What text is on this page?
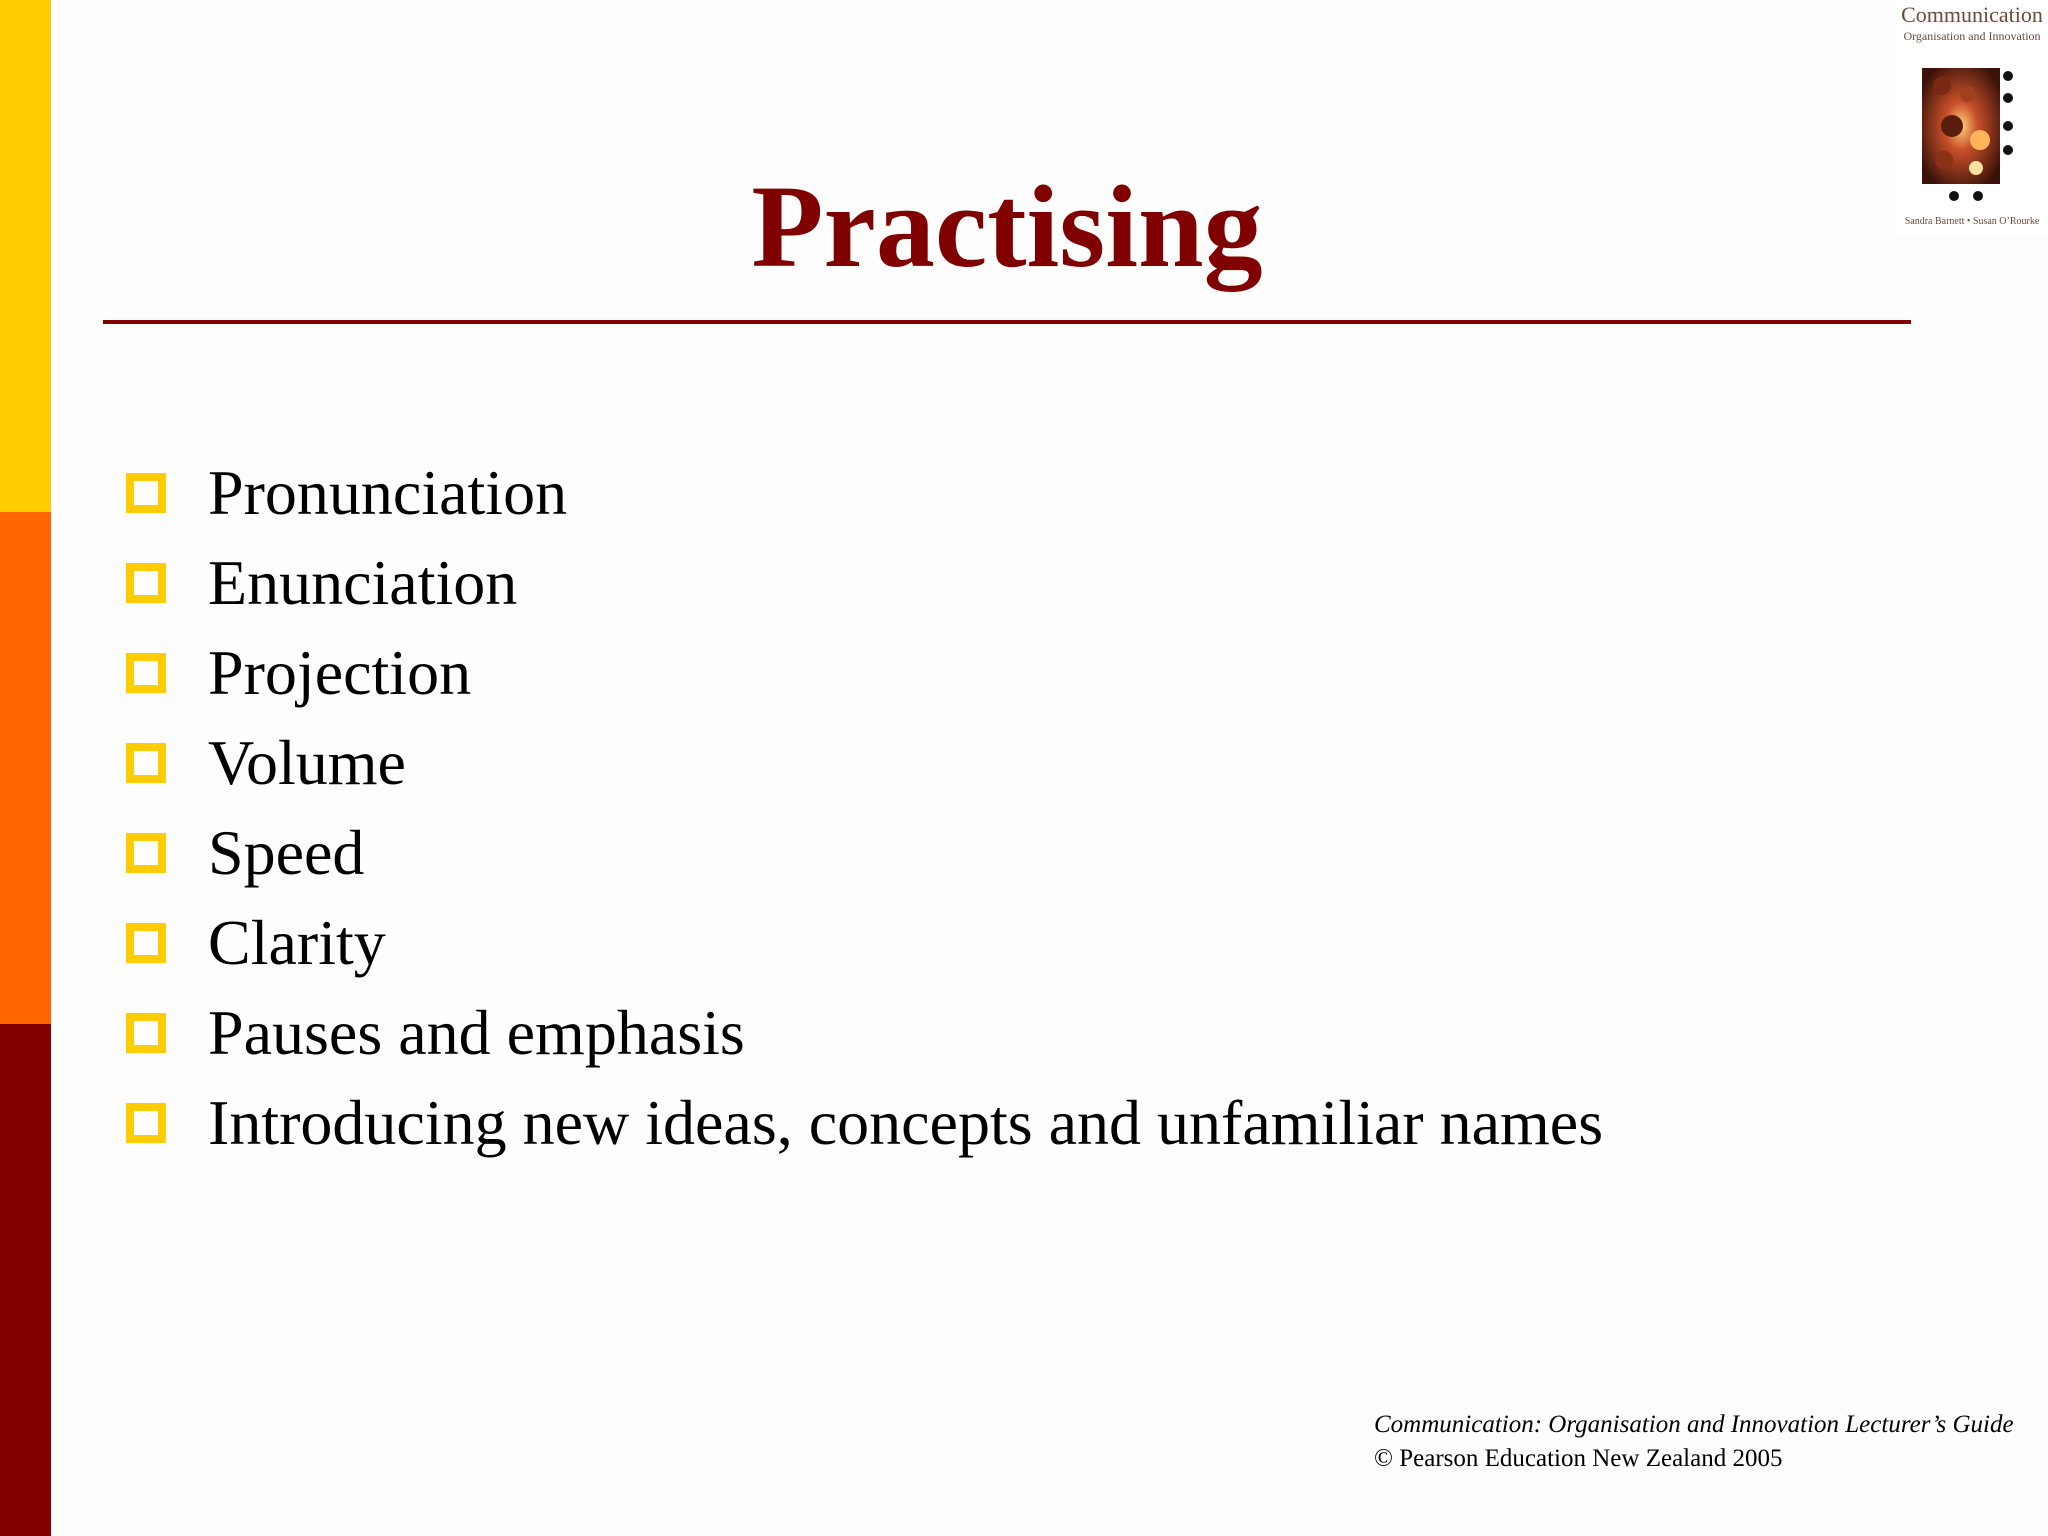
Communication
Organisation and Innovation
Sandra Barnett • Susan O’Rourke
Practising
Pronunciation
Enunciation
Projection
Volume
Speed
Clarity
Pauses and emphasis
Introducing new ideas, concepts and unfamiliar names
Communication: Organisation and Innovation Lecturer’s Guide
© Pearson Education New Zealand 2005
